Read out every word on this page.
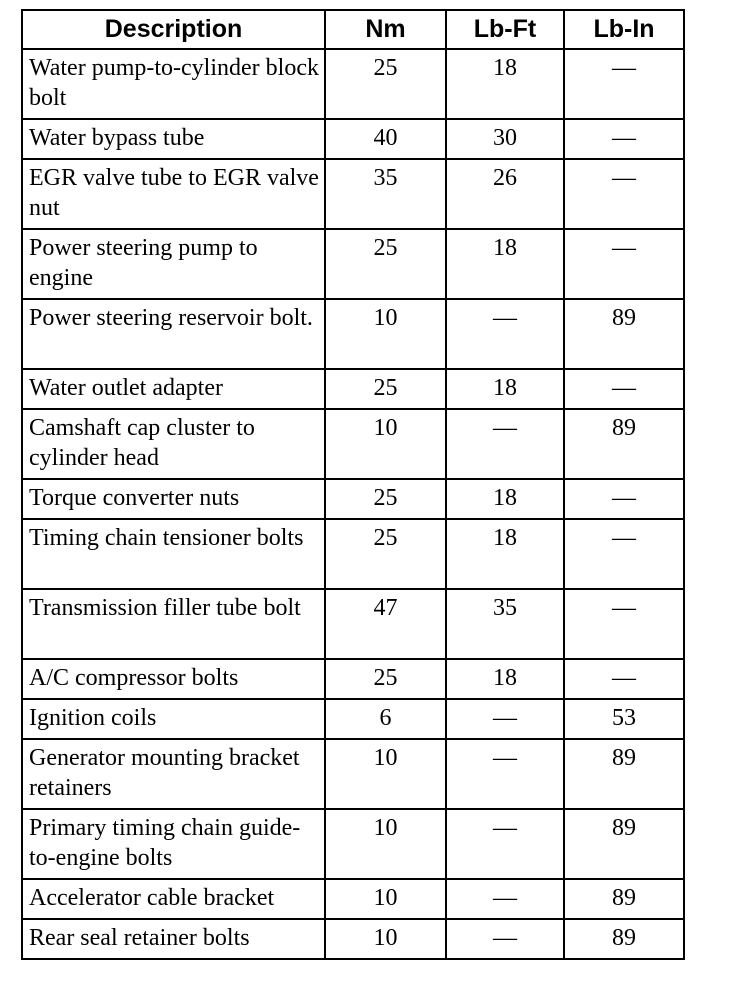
Description	Nm	Lb-Ft	Lb-In
Water pump-to-cylinder block bolt	25	18	—
Water bypass tube	40	30	—
EGR valve tube to EGR valve nut	35	26	—
Power steering pump to engine	25	18	—
Power steering reservoir bolt.	10	—	89
Water outlet adapter	25	18	—
Camshaft cap cluster to cylinder head	10	—	89
Torque converter nuts	25	18	—
Timing chain tensioner bolts	25	18	—
Transmission filler tube bolt	47	35	—
A/C compressor bolts	25	18	—
Ignition coils	6	—	53
Generator mounting bracket retainers	10	—	89
Primary timing chain guide-to-engine bolts	10	—	89
Accelerator cable bracket	10	—	89
Rear seal retainer bolts	10	—	89
